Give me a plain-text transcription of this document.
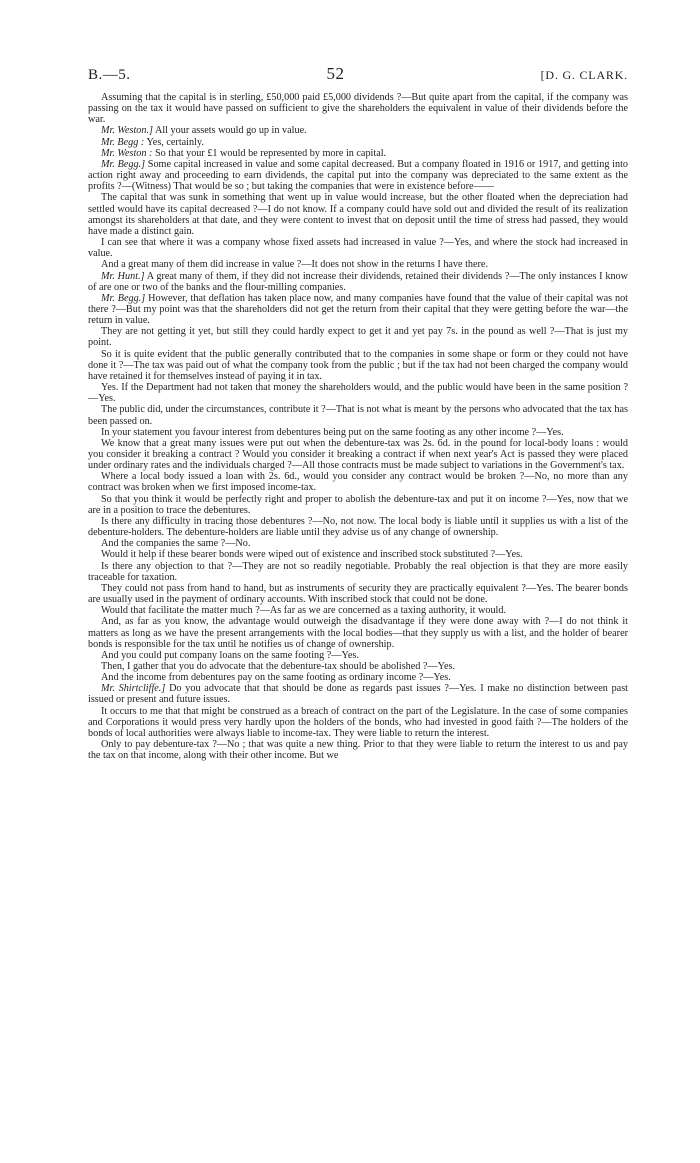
B.—5.	52	[D. G. CLARK.

Assuming that the capital is in sterling, £50,000 paid £5,000 dividends ?—But quite apart from the capital, if the company was passing on the tax it would have passed on sufficient to give the shareholders the equivalent in value of their dividends before the war.

Mr. Weston.] All your assets would go up in value.

Mr. Begg : Yes, certainly.

Mr. Weston : So that your £1 would be represented by more in capital.

Mr. Begg.] Some capital increased in value and some capital decreased. But a company floated in 1916 or 1917, and getting into action right away and proceeding to earn dividends, the capital put into the company was depreciated to the same extent as the profits ?—(Witness) That would be so ; but taking the companies that were in existence before——

The capital that was sunk in something that went up in value would increase, but the other floated when the depreciation had settled would have its capital decreased ?—I do not know. If a company could have sold out and divided the result of its realization amongst its shareholders at that date, and they were content to invest that on deposit until the time of stress had passed, they would have made a distinct gain.

I can see that where it was a company whose fixed assets had increased in value ?—Yes, and where the stock had increased in value.

And a great many of them did increase in value ?—It does not show in the returns I have there.

Mr. Hunt.] A great many of them, if they did not increase their dividends, retained their dividends ?—The only instances I know of are one or two of the banks and the flour-milling companies.

Mr. Begg.] However, that deflation has taken place now, and many companies have found that the value of their capital was not there ?—But my point was that the shareholders did not get the return from their capital that they were getting before the war—the return in value.

They are not getting it yet, but still they could hardly expect to get it and yet pay 7s. in the pound as well ?—That is just my point.

So it is quite evident that the public generally contributed that to the companies in some shape or form or they could not have done it ?—The tax was paid out of what the company took from the public ; but if the tax had not been charged the company would have retained it for themselves instead of paying it in tax.

Yes. If the Department had not taken that money the shareholders would, and the public would have been in the same position ?—Yes.

The public did, under the circumstances, contribute it ?—That is not what is meant by the persons who advocated that the tax has been passed on.

In your statement you favour interest from debentures being put on the same footing as any other income ?—Yes.

We know that a great many issues were put out when the debenture-tax was 2s. 6d. in the pound for local-body loans : would you consider it breaking a contract ? Would you consider it breaking a contract if when next year's Act is passed they were placed under ordinary rates and the individuals charged ?—All those contracts must be made subject to variations in the Government's tax.

Where a local body issued a loan with 2s. 6d., would you consider any contract would be broken ?—No, no more than any contract was broken when we first imposed income-tax.

So that you think it would be perfectly right and proper to abolish the debenture-tax and put it on income ?—Yes, now that we are in a position to trace the debentures.

Is there any difficulty in tracing those debentures ?—No, not now. The local body is liable until it supplies us with a list of the debenture-holders. The debenture-holders are liable until they advise us of any change of ownership.

And the companies the same ?—No.

Would it help if these bearer bonds were wiped out of existence and inscribed stock substituted ?—Yes.

Is there any objection to that ?—They are not so readily negotiable. Probably the real objection is that they are more easily traceable for taxation.

They could not pass from hand to hand, but as instruments of security they are practically equivalent ?—Yes. The bearer bonds are usually used in the payment of ordinary accounts. With inscribed stock that could not be done.

Would that facilitate the matter much ?—As far as we are concerned as a taxing authority, it would.

And, as far as you know, the advantage would outweigh the disadvantage if they were done away with ?—I do not think it matters as long as we have the present arrangements with the local bodies—that they supply us with a list, and the holder of bearer bonds is responsible for the tax until he notifies us of change of ownership.

And you could put company loans on the same footing ?—Yes.

Then, I gather that you do advocate that the debenture-tax should be abolished ?—Yes.

And the income from debentures pay on the same footing as ordinary income ?—Yes.

Mr. Shirtcliffe.] Do you advocate that that should be done as regards past issues ?—Yes. I make no distinction between past issued or present and future issues.

It occurs to me that that might be construed as a breach of contract on the part of the Legislature. In the case of some companies and Corporations it would press very hardly upon the holders of the bonds, who had invested in good faith ?—The holders of the bonds of local authorities were always liable to income-tax. They were liable to return the interest.

Only to pay debenture-tax ?—No ; that was quite a new thing. Prior to that they were liable to return the interest to us and pay the tax on that income, along with their other income. But we
